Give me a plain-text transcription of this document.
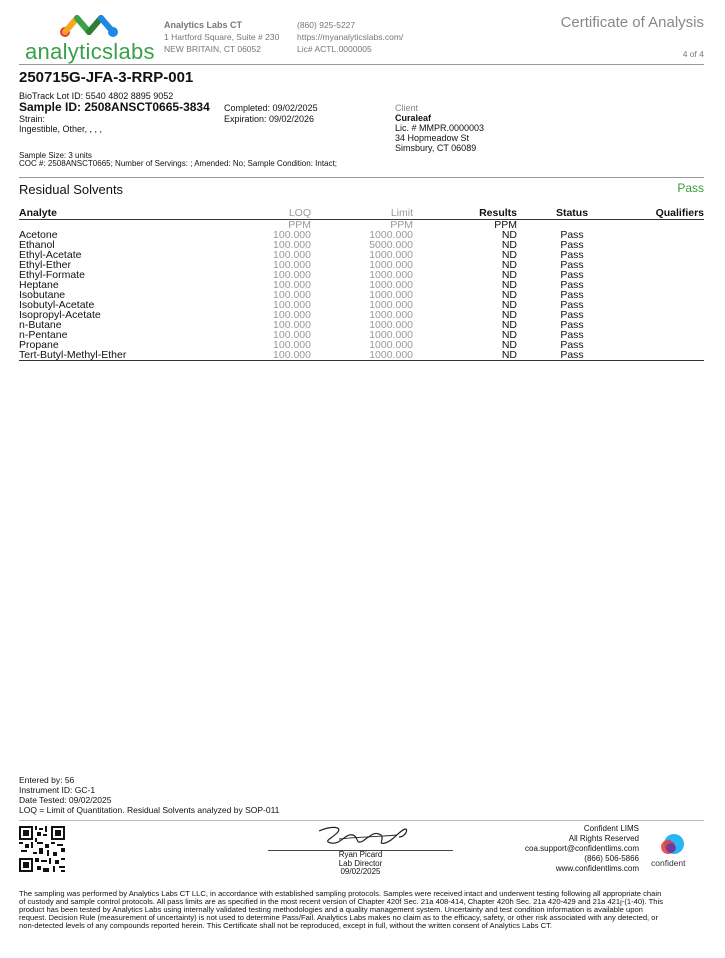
analyticslabs
Analytics Labs CT
1 Hartford Square, Suite # 230
NEW BRITAIN, CT 06052
(860) 925-5227
https://myanalyticslabs.com/
Lic# ACTL.0000005
Certificate of Analysis
4 of 4
250715G-JFA-3-RRP-001
BioTrack Lot ID: 5540 4802 8895 9052
Sample ID: 2508ANSCT0665-3834 Completed: 09/02/2025
Expiration: 09/02/2026
Strain:
Ingestible, Other, , , ,
Client
Curaleaf
Lic. # MMPR.0000003
34 Hopmeadow St
Simsbury, CT 06089
Sample Size: 3 units
COC #: 2508ANSCT0665; Number of Servings: ; Amended: No; Sample Condition: Intact;
Residual Solvents	Pass
Analyte	LOQ	Limit	Results	Status	Qualifiers
	PPM	PPM	PPM		
Acetone	100.000	1000.000	ND	Pass	
Ethanol	100.000	5000.000	ND	Pass	
Ethyl-Acetate	100.000	1000.000	ND	Pass	
Ethyl-Ether	100.000	1000.000	ND	Pass	
Ethyl-Formate	100.000	1000.000	ND	Pass	
Heptane	100.000	1000.000	ND	Pass	
Isobutane	100.000	1000.000	ND	Pass	
Isobutyl-Acetate	100.000	1000.000	ND	Pass	
Isopropyl-Acetate	100.000	1000.000	ND	Pass	
n-Butane	100.000	1000.000	ND	Pass	
n-Pentane	100.000	1000.000	ND	Pass	
Propane	100.000	1000.000	ND	Pass	
Tert-Butyl-Methyl-Ether	100.000	1000.000	ND	Pass	
Entered by: 56
Instrument ID: GC-1
Date Tested: 09/02/2025
LOQ = Limit of Quantitation. Residual Solvents analyzed by SOP-011
Ryan Picard
Lab Director
09/02/2025
Confident LIMS
All Rights Reserved
coa.support@confidentlims.com
(866) 506-5866
www.confidentlims.com
confident
The sampling was performed by Analytics Labs CT LLC, in accordance with established sampling protocols. Samples were received intact and underwent testing following all appropriate chain
of custody and sample control protocols. All pass limits are as specified in the most recent version of Chapter 420f Sec. 21a 408-414, Chapter 420h Sec. 21a 420-429 and 21a 421j-(1-40). This
product has been tested by Analytics Labs using internally validated testing methodologies and a quality management system. Uncertainty and test condition information is available upon
request. Decision Rule (measurement of uncertainty) is not used to determine Pass/Fail. Analytics Labs makes no claim as to the efficacy, safety, or other risk associated with any detected, or
non-detected levels of any compounds reported herein. This Certificate shall not be reproduced, except in full, without the written consent of Analytics Labs CT.
